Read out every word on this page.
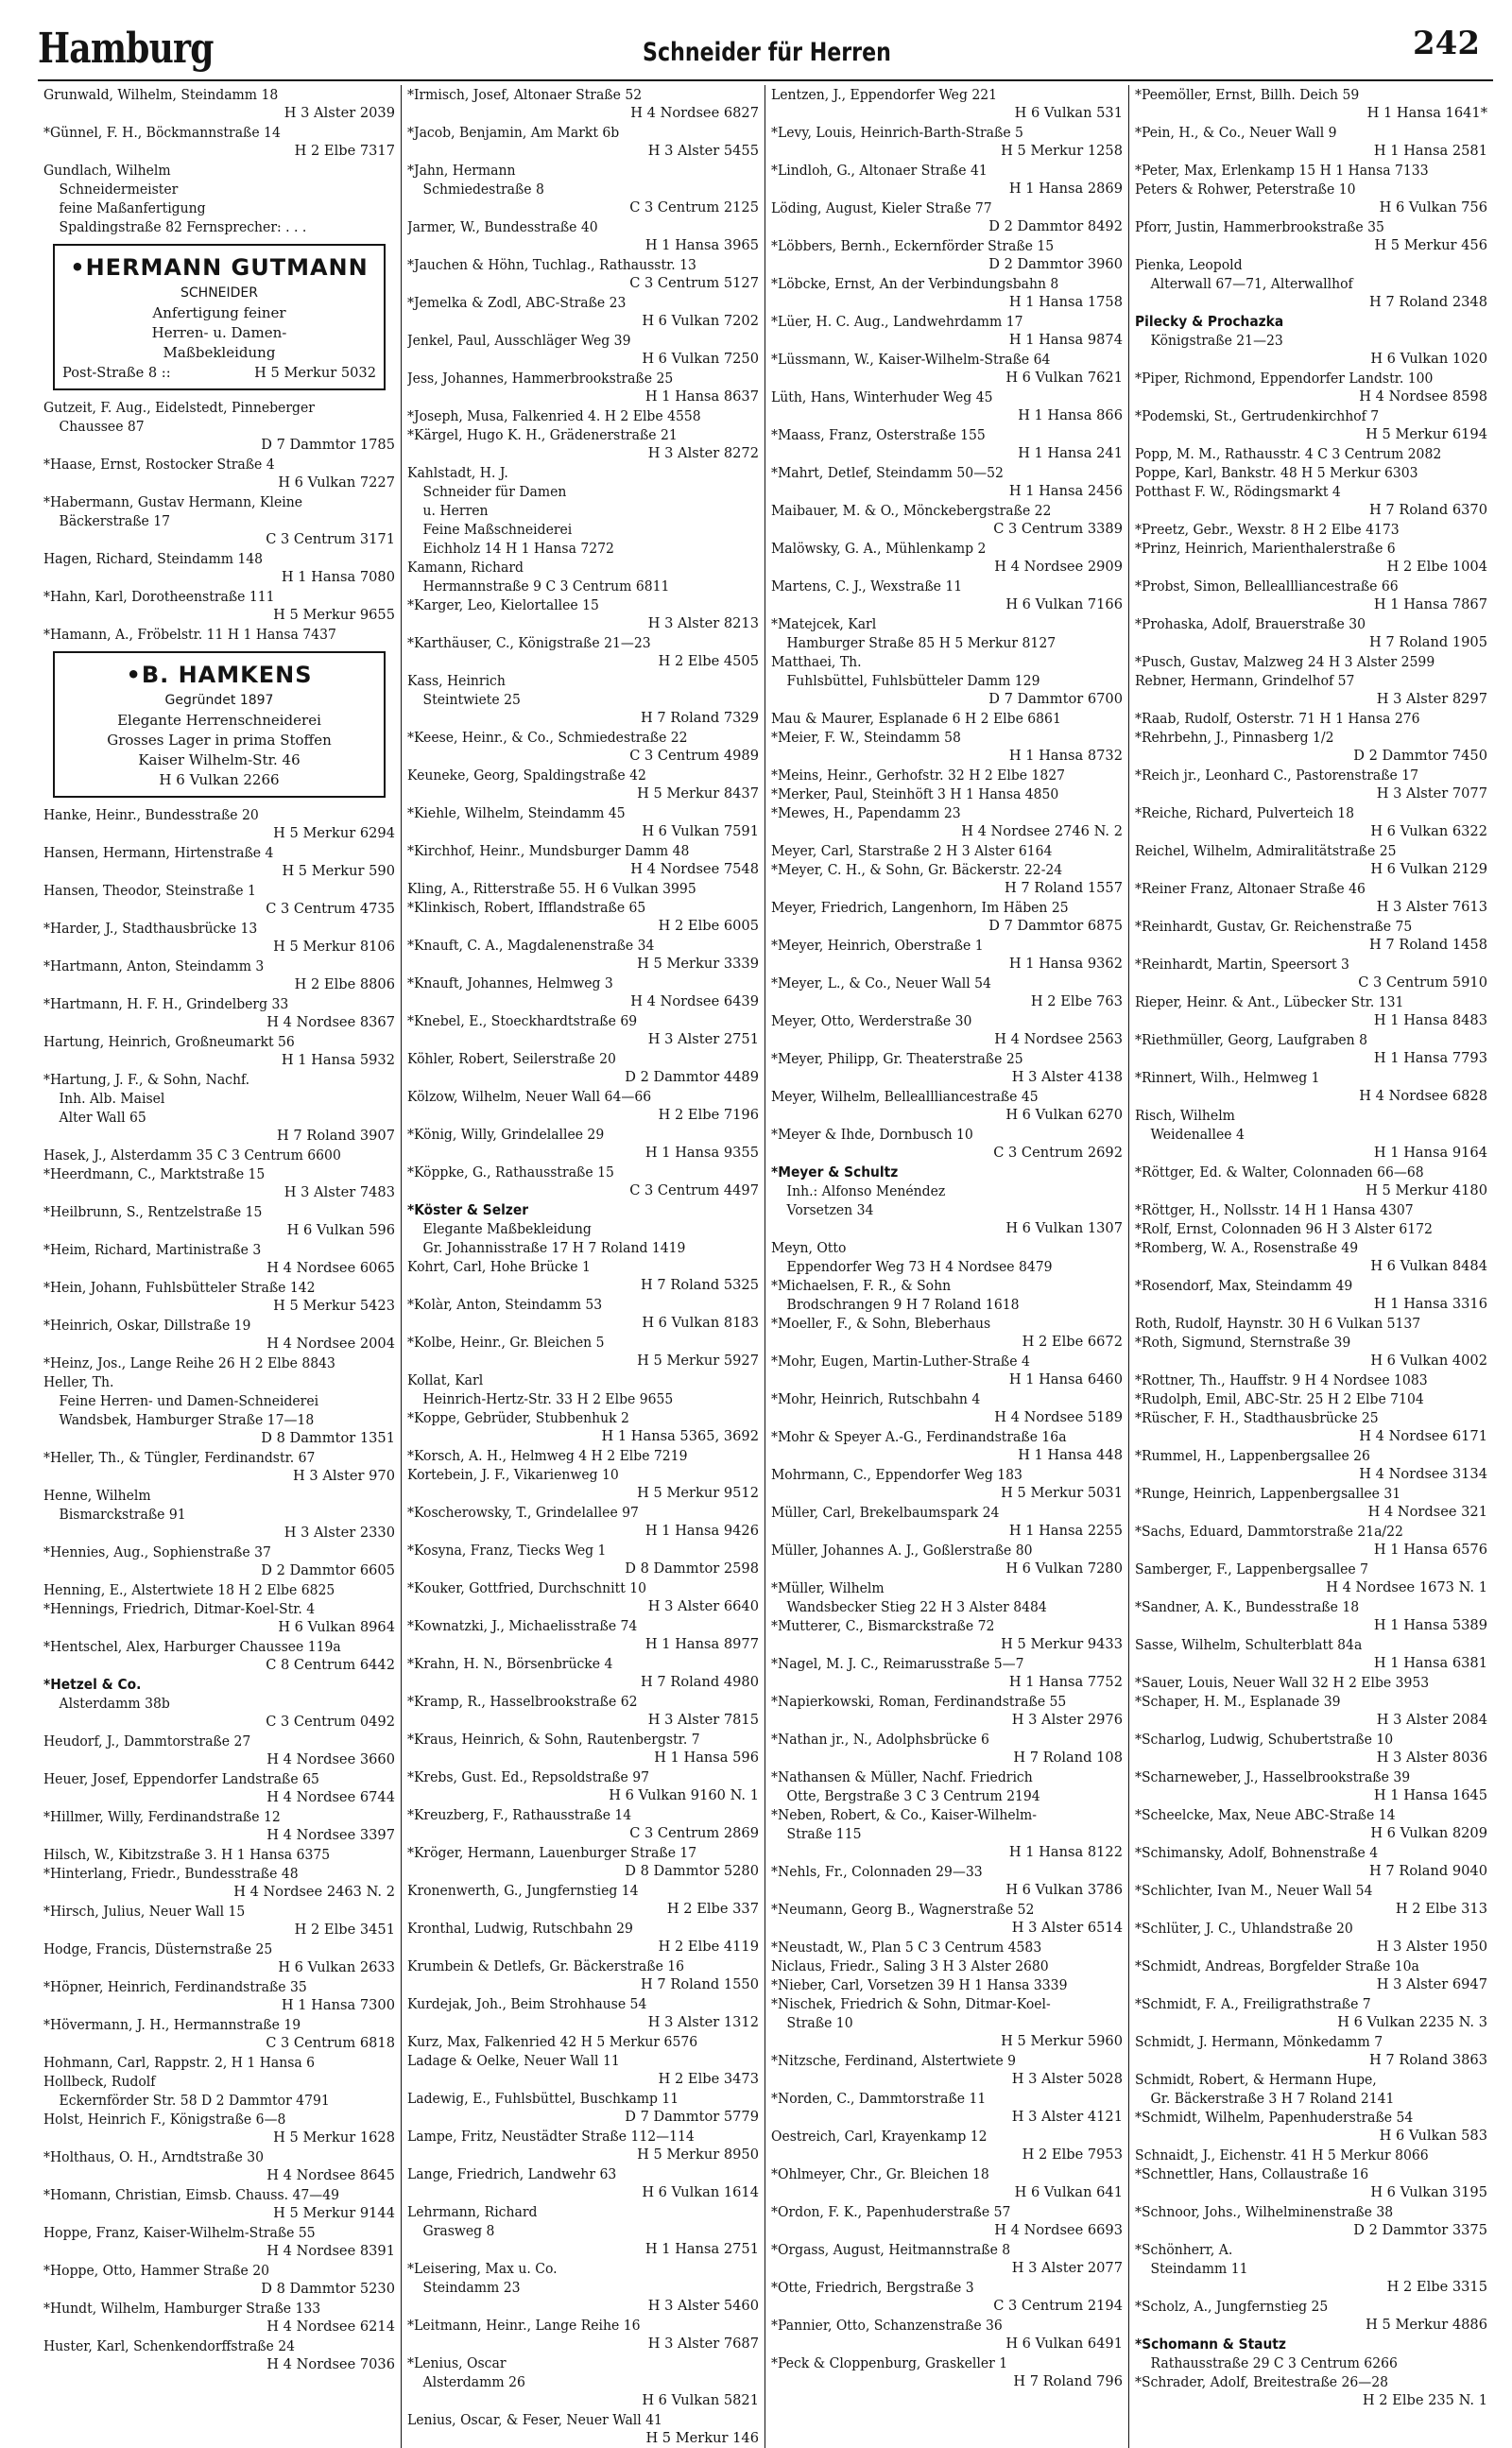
Hamburg	Schneider für Herren	242
Grunwald, Wilhelm, Steindamm 18
H 3 Alster 2039
*Günnel, F. H., Böckmannstraße 14
H 2 Elbe 7317
Gundlach, Wilhelm
Schneidermeister
feine Maßanfertigung
Spaldingstraße 82 Fernsprecher: . . .
•HERMANN GUTMANN
SCHNEIDER
Anfertigung feiner
Herren- u. Damen-
Maßbekleidung
Post-Straße 8 ::	H 5 Merkur 5032
Gutzeit, F. Aug., Eidelstedt, Pinneberger
Chaussee 87
D 7 Dammtor 1785
*Haase, Ernst, Rostocker Straße 4
H 6 Vulkan 7227
*Habermann, Gustav Hermann, Kleine
Bäckerstraße 17
C 3 Centrum 3171
Hagen, Richard, Steindamm 148
H 1 Hansa 7080
*Hahn, Karl, Dorotheenstraße 111
H 5 Merkur 9655
*Hamann, A., Fröbelstr. 11 H 1 Hansa 7437
•B. HAMKENS
Gegründet 1897
Elegante Herrenschneiderei
Grosses Lager in prima Stoffen
Kaiser Wilhelm-Str. 46
H 6 Vulkan 2266
Hanke, Heinr., Bundesstraße 20
H 5 Merkur 6294
Hansen, Hermann, Hirtenstraße 4
H 5 Merkur 590
Hansen, Theodor, Steinstraße 1
C 3 Centrum 4735
*Harder, J., Stadthausbrücke 13
H 5 Merkur 8106
*Hartmann, Anton, Steindamm 3
H 2 Elbe 8806
*Hartmann, H. F. H., Grindelberg 33
H 4 Nordsee 8367
Hartung, Heinrich, Großneumarkt 56
H 1 Hansa 5932
*Hartung, J. F., & Sohn, Nachf.
Inh. Alb. Maisel
Alter Wall 65
H 7 Roland 3907
Hasek, J., Alsterdamm 35 C 3 Centrum 6600
*Heerdmann, C., Marktstraße 15
H 3 Alster 7483
*Heilbrunn, S., Rentzelstraße 15
H 6 Vulkan 596
*Heim, Richard, Martinistraße 3
H 4 Nordsee 6065
*Hein, Johann, Fuhlsbütteler Straße 142
H 5 Merkur 5423
*Heinrich, Oskar, Dillstraße 19
H 4 Nordsee 2004
*Heinz, Jos., Lange Reihe 26 H 2 Elbe 8843
Heller, Th.
Feine Herren- und Damen-Schneiderei
Wandsbek, Hamburger Straße 17—18
D 8 Dammtor 1351
*Heller, Th., & Tüngler, Ferdinandstr. 67
H 3 Alster 970
Henne, Wilhelm
Bismarckstraße 91
H 3 Alster 2330
*Hennies, Aug., Sophienstraße 37
D 2 Dammtor 6605
Henning, E., Alstertwiete 18 H 2 Elbe 6825
*Hennings, Friedrich, Ditmar-Koel-Str. 4
H 6 Vulkan 8964
*Hentschel, Alex, Harburger Chaussee 119a
C 8 Centrum 6442
*Hetzel & Co.
Alsterdamm 38b
C 3 Centrum 0492
Heudorf, J., Dammtorstraße 27
H 4 Nordsee 3660
Heuer, Josef, Eppendorfer Landstraße 65
H 4 Nordsee 6744
*Hillmer, Willy, Ferdinandstraße 12
H 4 Nordsee 3397
Hilsch, W., Kibitzstraße 3. H 1 Hansa 6375
*Hinterlang, Friedr., Bundesstraße 48
H 4 Nordsee 2463 N. 2
*Hirsch, Julius, Neuer Wall 15
H 2 Elbe 3451
Hodge, Francis, Düsternstraße 25
H 6 Vulkan 2633
*Höpner, Heinrich, Ferdinandstraße 35
H 1 Hansa 7300
*Hövermann, J. H., Hermannstraße 19
C 3 Centrum 6818
Hohmann, Carl, Rappstr. 2, H 1 Hansa 6
Hollbeck, Rudolf
Eckernförder Str. 58 D 2 Dammtor 4791
Holst, Heinrich F., Königstraße 6—8
H 5 Merkur 1628
*Holthaus, O. H., Arndtstraße 30
H 4 Nordsee 8645
*Homann, Christian, Eimsb. Chauss. 47—49
H 5 Merkur 9144
Hoppe, Franz, Kaiser-Wilhelm-Straße 55
H 4 Nordsee 8391
*Hoppe, Otto, Hammer Straße 20
D 8 Dammtor 5230
*Hundt, Wilhelm, Hamburger Straße 133
H 4 Nordsee 6214
Huster, Karl, Schenkendorffstraße 24
H 4 Nordsee 7036
*Irmisch, Josef, Altonaer Straße 52
H 4 Nordsee 6827
*Jacob, Benjamin, Am Markt 6b
H 3 Alster 5455
*Jahn, Hermann
Schmiedestraße 8
C 3 Centrum 2125
Jarmer, W., Bundesstraße 40
H 1 Hansa 3965
*Jauchen & Höhn, Tuchlag., Rathausstr. 13
C 3 Centrum 5127
*Jemelka & Zodl, ABC-Straße 23
H 6 Vulkan 7202
Jenkel, Paul, Ausschläger Weg 39
H 6 Vulkan 7250
Jess, Johannes, Hammerbrookstraße 25
H 1 Hansa 8637
*Joseph, Musa, Falkenried 4. H 2 Elbe 4558
*Kärgel, Hugo K. H., Grädenerstraße 21
H 3 Alster 8272
Kahlstadt, H. J.
Schneider für Damen
u. Herren
Feine Maßschneiderei
Eichholz 14 H 1 Hansa 7272
Kamann, Richard
Hermannstraße 9 C 3 Centrum 6811
*Karger, Leo, Kielortallee 15
H 3 Alster 8213
*Karthäuser, C., Königstraße 21—23
H 2 Elbe 4505
Kass, Heinrich
Steintwiete 25
H 7 Roland 7329
*Keese, Heinr., & Co., Schmiedestraße 22
C 3 Centrum 4989
Keuneke, Georg, Spaldingstraße 42
H 5 Merkur 8437
*Kiehle, Wilhelm, Steindamm 45
H 6 Vulkan 7591
*Kirchhof, Heinr., Mundsburger Damm 48
H 4 Nordsee 7548
Kling, A., Ritterstraße 55. H 6 Vulkan 3995
*Klinkisch, Robert, Ifflandstraße 65
H 2 Elbe 6005
*Knauft, C. A., Magdalenenstraße 34
H 5 Merkur 3339
*Knauft, Johannes, Helmweg 3
H 4 Nordsee 6439
*Knebel, E., Stoeckhardtstraße 69
H 3 Alster 2751
Köhler, Robert, Seilerstraße 20
D 2 Dammtor 4489
Kölzow, Wilhelm, Neuer Wall 64—66
H 2 Elbe 7196
*König, Willy, Grindelallee 29
H 1 Hansa 9355
*Köppke, G., Rathausstraße 15
C 3 Centrum 4497
*Köster & Selzer
Elegante Maßbekleidung
Gr. Johannisstraße 17 H 7 Roland 1419
Kohrt, Carl, Hohe Brücke 1
H 7 Roland 5325
*Kolàr, Anton, Steindamm 53
H 6 Vulkan 8183
*Kolbe, Heinr., Gr. Bleichen 5
H 5 Merkur 5927
Kollat, Karl
Heinrich-Hertz-Str. 33 H 2 Elbe 9655
*Koppe, Gebrüder, Stubbenhuk 2
H 1 Hansa 5365, 3692
*Korsch, A. H., Helmweg 4 H 2 Elbe 7219
Kortebein, J. F., Vikarienweg 10
H 5 Merkur 9512
*Koscherowsky, T., Grindelallee 97
H 1 Hansa 9426
*Kosyna, Franz, Tiecks Weg 1
D 8 Dammtor 2598
*Kouker, Gottfried, Durchschnitt 10
H 3 Alster 6640
*Kownatzki, J., Michaelisstraße 74
H 1 Hansa 8977
*Krahn, H. N., Börsenbrücke 4
H 7 Roland 4980
*Kramp, R., Hasselbrookstraße 62
H 3 Alster 7815
*Kraus, Heinrich, & Sohn, Rautenbergstr. 7
H 1 Hansa 596
*Krebs, Gust. Ed., Repsoldstraße 97
H 6 Vulkan 9160 N. 1
*Kreuzberg, F., Rathausstraße 14
C 3 Centrum 2869
*Kröger, Hermann, Lauenburger Straße 17
D 8 Dammtor 5280
Kronenwerth, G., Jungfernstieg 14
H 2 Elbe 337
Kronthal, Ludwig, Rutschbahn 29
H 2 Elbe 4119
Krumbein & Detlefs, Gr. Bäckerstraße 16
H 7 Roland 1550
Kurdejak, Joh., Beim Strohhause 54
H 3 Alster 1312
Kurz, Max, Falkenried 42 H 5 Merkur 6576
Ladage & Oelke, Neuer Wall 11
H 2 Elbe 3473
Ladewig, E., Fuhlsbüttel, Buschkamp 11
D 7 Dammtor 5779
Lampe, Fritz, Neustädter Straße 112—114
H 5 Merkur 8950
Lange, Friedrich, Landwehr 63
H 6 Vulkan 1614
Lehrmann, Richard
Grasweg 8
H 1 Hansa 2751
*Leisering, Max u. Co.
Steindamm 23
H 3 Alster 5460
*Leitmann, Heinr., Lange Reihe 16
H 3 Alster 7687
*Lenius, Oscar
Alsterdamm 26
H 6 Vulkan 5821
Lenius, Oscar, & Feser, Neuer Wall 41
H 5 Merkur 146
Lentzen, J., Eppendorfer Weg 221
H 6 Vulkan 531
*Levy, Louis, Heinrich-Barth-Straße 5
H 5 Merkur 1258
*Lindloh, G., Altonaer Straße 41
H 1 Hansa 2869
Löding, August, Kieler Straße 77
D 2 Dammtor 8492
*Löbbers, Bernh., Eckernförder Straße 15
D 2 Dammtor 3960
*Löbcke, Ernst, An der Verbindungsbahn 8
H 1 Hansa 1758
*Lüer, H. C. Aug., Landwehrdamm 17
H 1 Hansa 9874
*Lüssmann, W., Kaiser-Wilhelm-Straße 64
H 6 Vulkan 7621
Lüth, Hans, Winterhuder Weg 45
H 1 Hansa 866
*Maass, Franz, Osterstraße 155
H 1 Hansa 241
*Mahrt, Detlef, Steindamm 50—52
H 1 Hansa 2456
Maibauer, M. & O., Mönckebergstraße 22
C 3 Centrum 3389
Malöwsky, G. A., Mühlenkamp 2
H 4 Nordsee 2909
Martens, C. J., Wexstraße 11
H 6 Vulkan 7166
*Matejcek, Karl
Hamburger Straße 85 H 5 Merkur 8127
Matthaei, Th.
Fuhlsbüttel, Fuhlsbütteler Damm 129
D 7 Dammtor 6700
Mau & Maurer, Esplanade 6 H 2 Elbe 6861
*Meier, F. W., Steindamm 58
H 1 Hansa 8732
*Meins, Heinr., Gerhofstr. 32 H 2 Elbe 1827
*Merker, Paul, Steinhöft 3 H 1 Hansa 4850
*Mewes, H., Papendamm 23
H 4 Nordsee 2746 N. 2
Meyer, Carl, Starstraße 2 H 3 Alster 6164
*Meyer, C. H., & Sohn, Gr. Bäckerstr. 22-24
H 7 Roland 1557
Meyer, Friedrich, Langenhorn, Im Häben 25
D 7 Dammtor 6875
*Meyer, Heinrich, Oberstraße 1
H 1 Hansa 9362
*Meyer, L., & Co., Neuer Wall 54
H 2 Elbe 763
Meyer, Otto, Werderstraße 30
H 4 Nordsee 2563
*Meyer, Philipp, Gr. Theaterstraße 25
H 3 Alster 4138
Meyer, Wilhelm, Belleallliancestraße 45
H 6 Vulkan 6270
*Meyer & Ihde, Dornbusch 10
C 3 Centrum 2692
*Meyer & Schultz
Inh.: Alfonso Menéndez
Vorsetzen 34
H 6 Vulkan 1307
Meyn, Otto
Eppendorfer Weg 73 H 4 Nordsee 8479
*Michaelsen, F. R., & Sohn
Brodschrangen 9 H 7 Roland 1618
*Moeller, F., & Sohn, Bleberhaus
H 2 Elbe 6672
*Mohr, Eugen, Martin-Luther-Straße 4
H 1 Hansa 6460
*Mohr, Heinrich, Rutschbahn 4
H 4 Nordsee 5189
*Mohr & Speyer A.-G., Ferdinandstraße 16a
H 1 Hansa 448
Mohrmann, C., Eppendorfer Weg 183
H 5 Merkur 5031
Müller, Carl, Brekelbaumspark 24
H 1 Hansa 2255
Müller, Johannes A. J., Goßlerstraße 80
H 6 Vulkan 7280
*Müller, Wilhelm
Wandsbecker Stieg 22 H 3 Alster 8484
*Mutterer, C., Bismarckstraße 72
H 5 Merkur 9433
*Nagel, M. J. C., Reimarusstraße 5—7
H 1 Hansa 7752
*Napierkowski, Roman, Ferdinandstraße 55
H 3 Alster 2976
*Nathan jr., N., Adolphsbrücke 6
H 7 Roland 108
*Nathansen & Müller, Nachf. Friedrich
Otte, Bergstraße 3 C 3 Centrum 2194
*Neben, Robert, & Co., Kaiser-Wilhelm-
Straße 115
H 1 Hansa 8122
*Nehls, Fr., Colonnaden 29—33
H 6 Vulkan 3786
*Neumann, Georg B., Wagnerstraße 52
H 3 Alster 6514
*Neustadt, W., Plan 5 C 3 Centrum 4583
Niclaus, Friedr., Saling 3 H 3 Alster 2680
*Nieber, Carl, Vorsetzen 39 H 1 Hansa 3339
*Nischek, Friedrich & Sohn, Ditmar-Koel-
Straße 10
H 5 Merkur 5960
*Nitzsche, Ferdinand, Alstertwiete 9
H 3 Alster 5028
*Norden, C., Dammtorstraße 11
H 3 Alster 4121
Oestreich, Carl, Krayenkamp 12
H 2 Elbe 7953
*Ohlmeyer, Chr., Gr. Bleichen 18
H 6 Vulkan 641
*Ordon, F. K., Papenhuderstraße 57
H 4 Nordsee 6693
*Orgass, August, Heitmannstraße 8
H 3 Alster 2077
*Otte, Friedrich, Bergstraße 3
C 3 Centrum 2194
*Pannier, Otto, Schanzenstraße 36
H 6 Vulkan 6491
*Peck & Cloppenburg, Graskeller 1
H 7 Roland 796
*Peemöller, Ernst, Billh. Deich 59
H 1 Hansa 1641*
*Pein, H., & Co., Neuer Wall 9
H 1 Hansa 2581
*Peter, Max, Erlenkamp 15 H 1 Hansa 7133
Peters & Rohwer, Peterstraße 10
H 6 Vulkan 756
Pforr, Justin, Hammerbrookstraße 35
H 5 Merkur 456
Pienka, Leopold
Alterwall 67—71, Alterwallhof
H 7 Roland 2348
Pilecky & Prochazka
Königstraße 21—23
H 6 Vulkan 1020
*Piper, Richmond, Eppendorfer Landstr. 100
H 4 Nordsee 8598
*Podemski, St., Gertrudenkirchhof 7
H 5 Merkur 6194
Popp, M. M., Rathausstr. 4 C 3 Centrum 2082
Poppe, Karl, Bankstr. 48 H 5 Merkur 6303
Potthast F. W., Rödingsmarkt 4
H 7 Roland 6370
*Preetz, Gebr., Wexstr. 8 H 2 Elbe 4173
*Prinz, Heinrich, Marienthalerstraße 6
H 2 Elbe 1004
*Probst, Simon, Belleallliancestraße 66
H 1 Hansa 7867
*Prohaska, Adolf, Brauerstraße 30
H 7 Roland 1905
*Pusch, Gustav, Malzweg 24 H 3 Alster 2599
Rebner, Hermann, Grindelhof 57
H 3 Alster 8297
*Raab, Rudolf, Osterstr. 71 H 1 Hansa 276
*Rehrbehn, J., Pinnasberg 1/2
D 2 Dammtor 7450
*Reich jr., Leonhard C., Pastorenstraße 17
H 3 Alster 7077
*Reiche, Richard, Pulverteich 18
H 6 Vulkan 6322
Reichel, Wilhelm, Admiralitätstraße 25
H 6 Vulkan 2129
*Reiner Franz, Altonaer Straße 46
H 3 Alster 7613
*Reinhardt, Gustav, Gr. Reichenstraße 75
H 7 Roland 1458
*Reinhardt, Martin, Speersort 3
C 3 Centrum 5910
Rieper, Heinr. & Ant., Lübecker Str. 131
H 1 Hansa 8483
*Riethmüller, Georg, Laufgraben 8
H 1 Hansa 7793
*Rinnert, Wilh., Helmweg 1
H 4 Nordsee 6828
Risch, Wilhelm
Weidenallee 4
H 1 Hansa 9164
*Röttger, Ed. & Walter, Colonnaden 66—68
H 5 Merkur 4180
*Röttger, H., Nollsstr. 14 H 1 Hansa 4307
*Rolf, Ernst, Colonnaden 96 H 3 Alster 6172
*Romberg, W. A., Rosenstraße 49
H 6 Vulkan 8484
*Rosendorf, Max, Steindamm 49
H 1 Hansa 3316
Roth, Rudolf, Haynstr. 30 H 6 Vulkan 5137
*Roth, Sigmund, Sternstraße 39
H 6 Vulkan 4002
*Rottner, Th., Hauffstr. 9 H 4 Nordsee 1083
*Rudolph, Emil, ABC-Str. 25 H 2 Elbe 7104
*Rüscher, F. H., Stadthausbrücke 25
H 4 Nordsee 6171
*Rummel, H., Lappenbergsallee 26
H 4 Nordsee 3134
*Runge, Heinrich, Lappenbergsallee 31
H 4 Nordsee 321
*Sachs, Eduard, Dammtorstraße 21a/22
H 1 Hansa 6576
Samberger, F., Lappenbergsallee 7
H 4 Nordsee 1673 N. 1
*Sandner, A. K., Bundesstraße 18
H 1 Hansa 5389
Sasse, Wilhelm, Schulterblatt 84a
H 1 Hansa 6381
*Sauer, Louis, Neuer Wall 32 H 2 Elbe 3953
*Schaper, H. M., Esplanade 39
H 3 Alster 2084
*Scharlog, Ludwig, Schubertstraße 10
H 3 Alster 8036
*Scharneweber, J., Hasselbrookstraße 39
H 1 Hansa 1645
*Scheelcke, Max, Neue ABC-Straße 14
H 6 Vulkan 8209
*Schimansky, Adolf, Bohnenstraße 4
H 7 Roland 9040
*Schlichter, Ivan M., Neuer Wall 54
H 2 Elbe 313
*Schlüter, J. C., Uhlandstraße 20
H 3 Alster 1950
*Schmidt, Andreas, Borgfelder Straße 10a
H 3 Alster 6947
*Schmidt, F. A., Freiligrathstraße 7
H 6 Vulkan 2235 N. 3
Schmidt, J. Hermann, Mönkedamm 7
H 7 Roland 3863
Schmidt, Robert, & Hermann Hupe,
Gr. Bäckerstraße 3 H 7 Roland 2141
*Schmidt, Wilhelm, Papenhuderstraße 54
H 6 Vulkan 583
Schnaidt, J., Eichenstr. 41 H 5 Merkur 8066
*Schnettler, Hans, Collaustraße 16
H 6 Vulkan 3195
*Schnoor, Johs., Wilhelminenstraße 38
D 2 Dammtor 3375
*Schönherr, A.
Steindamm 11
H 2 Elbe 3315
*Scholz, A., Jungfernstieg 25
H 5 Merkur 4886
*Schomann & Stautz
Rathausstraße 29 C 3 Centrum 6266
*Schrader, Adolf, Breitestraße 26—28
H 2 Elbe 235 N. 1
